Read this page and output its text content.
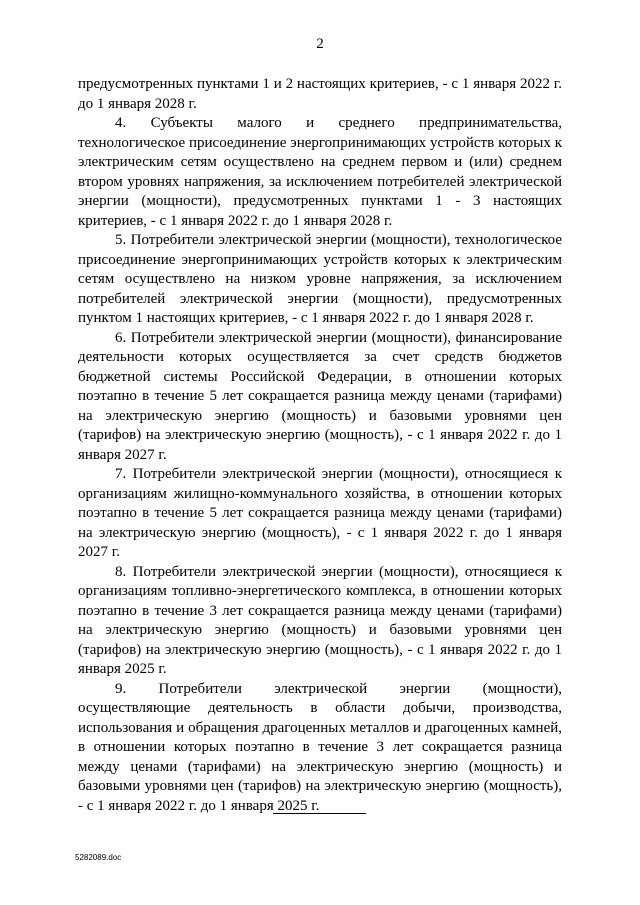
2

предусмотренных пунктами 1 и 2 настоящих критериев, - с 1 января 2022 г. до 1 января 2028 г.

4. Субъекты малого и среднего предпринимательства, технологическое присоединение энергопринимающих устройств которых к электрическим сетям осуществлено на среднем первом и (или) среднем втором уровнях напряжения, за исключением потребителей электрической энергии (мощности), предусмотренных пунктами 1 - 3 настоящих критериев, - с 1 января 2022 г. до 1 января 2028 г.

5. Потребители электрической энергии (мощности), технологическое присоединение энергопринимающих устройств которых к электрическим сетям осуществлено на низком уровне напряжения, за исключением потребителей электрической энергии (мощности), предусмотренных пунктом 1 настоящих критериев, - с 1 января 2022 г. до 1 января 2028 г.

6. Потребители электрической энергии (мощности), финансирование деятельности которых осуществляется за счет средств бюджетов бюджетной системы Российской Федерации, в отношении которых поэтапно в течение 5 лет сокращается разница между ценами (тарифами) на электрическую энергию (мощность) и базовыми уровнями цен (тарифов) на электрическую энергию (мощность), - с 1 января 2022 г. до 1 января 2027 г.

7. Потребители электрической энергии (мощности), относящиеся к организациям жилищно-коммунального хозяйства, в отношении которых поэтапно в течение 5 лет сокращается разница между ценами (тарифами) на электрическую энергию (мощность), - с 1 января 2022 г. до 1 января 2027 г.

8. Потребители электрической энергии (мощности), относящиеся к организациям топливно-энергетического комплекса, в отношении которых поэтапно в течение 3 лет сокращается разница между ценами (тарифами) на электрическую энергию (мощность) и базовыми уровнями цен (тарифов) на электрическую энергию (мощность), - с 1 января 2022 г. до 1 января 2025 г.

9. Потребители электрической энергии (мощности), осуществляющие деятельность в области добычи, производства, использования и обращения драгоценных металлов и драгоценных камней, в отношении которых поэтапно в течение 3 лет сокращается разница между ценами (тарифами) на электрическую энергию (мощность) и базовыми уровнями цен (тарифов) на электрическую энергию (мощность), - с 1 января 2022 г. до 1 января 2025 г.

5282089.doc
